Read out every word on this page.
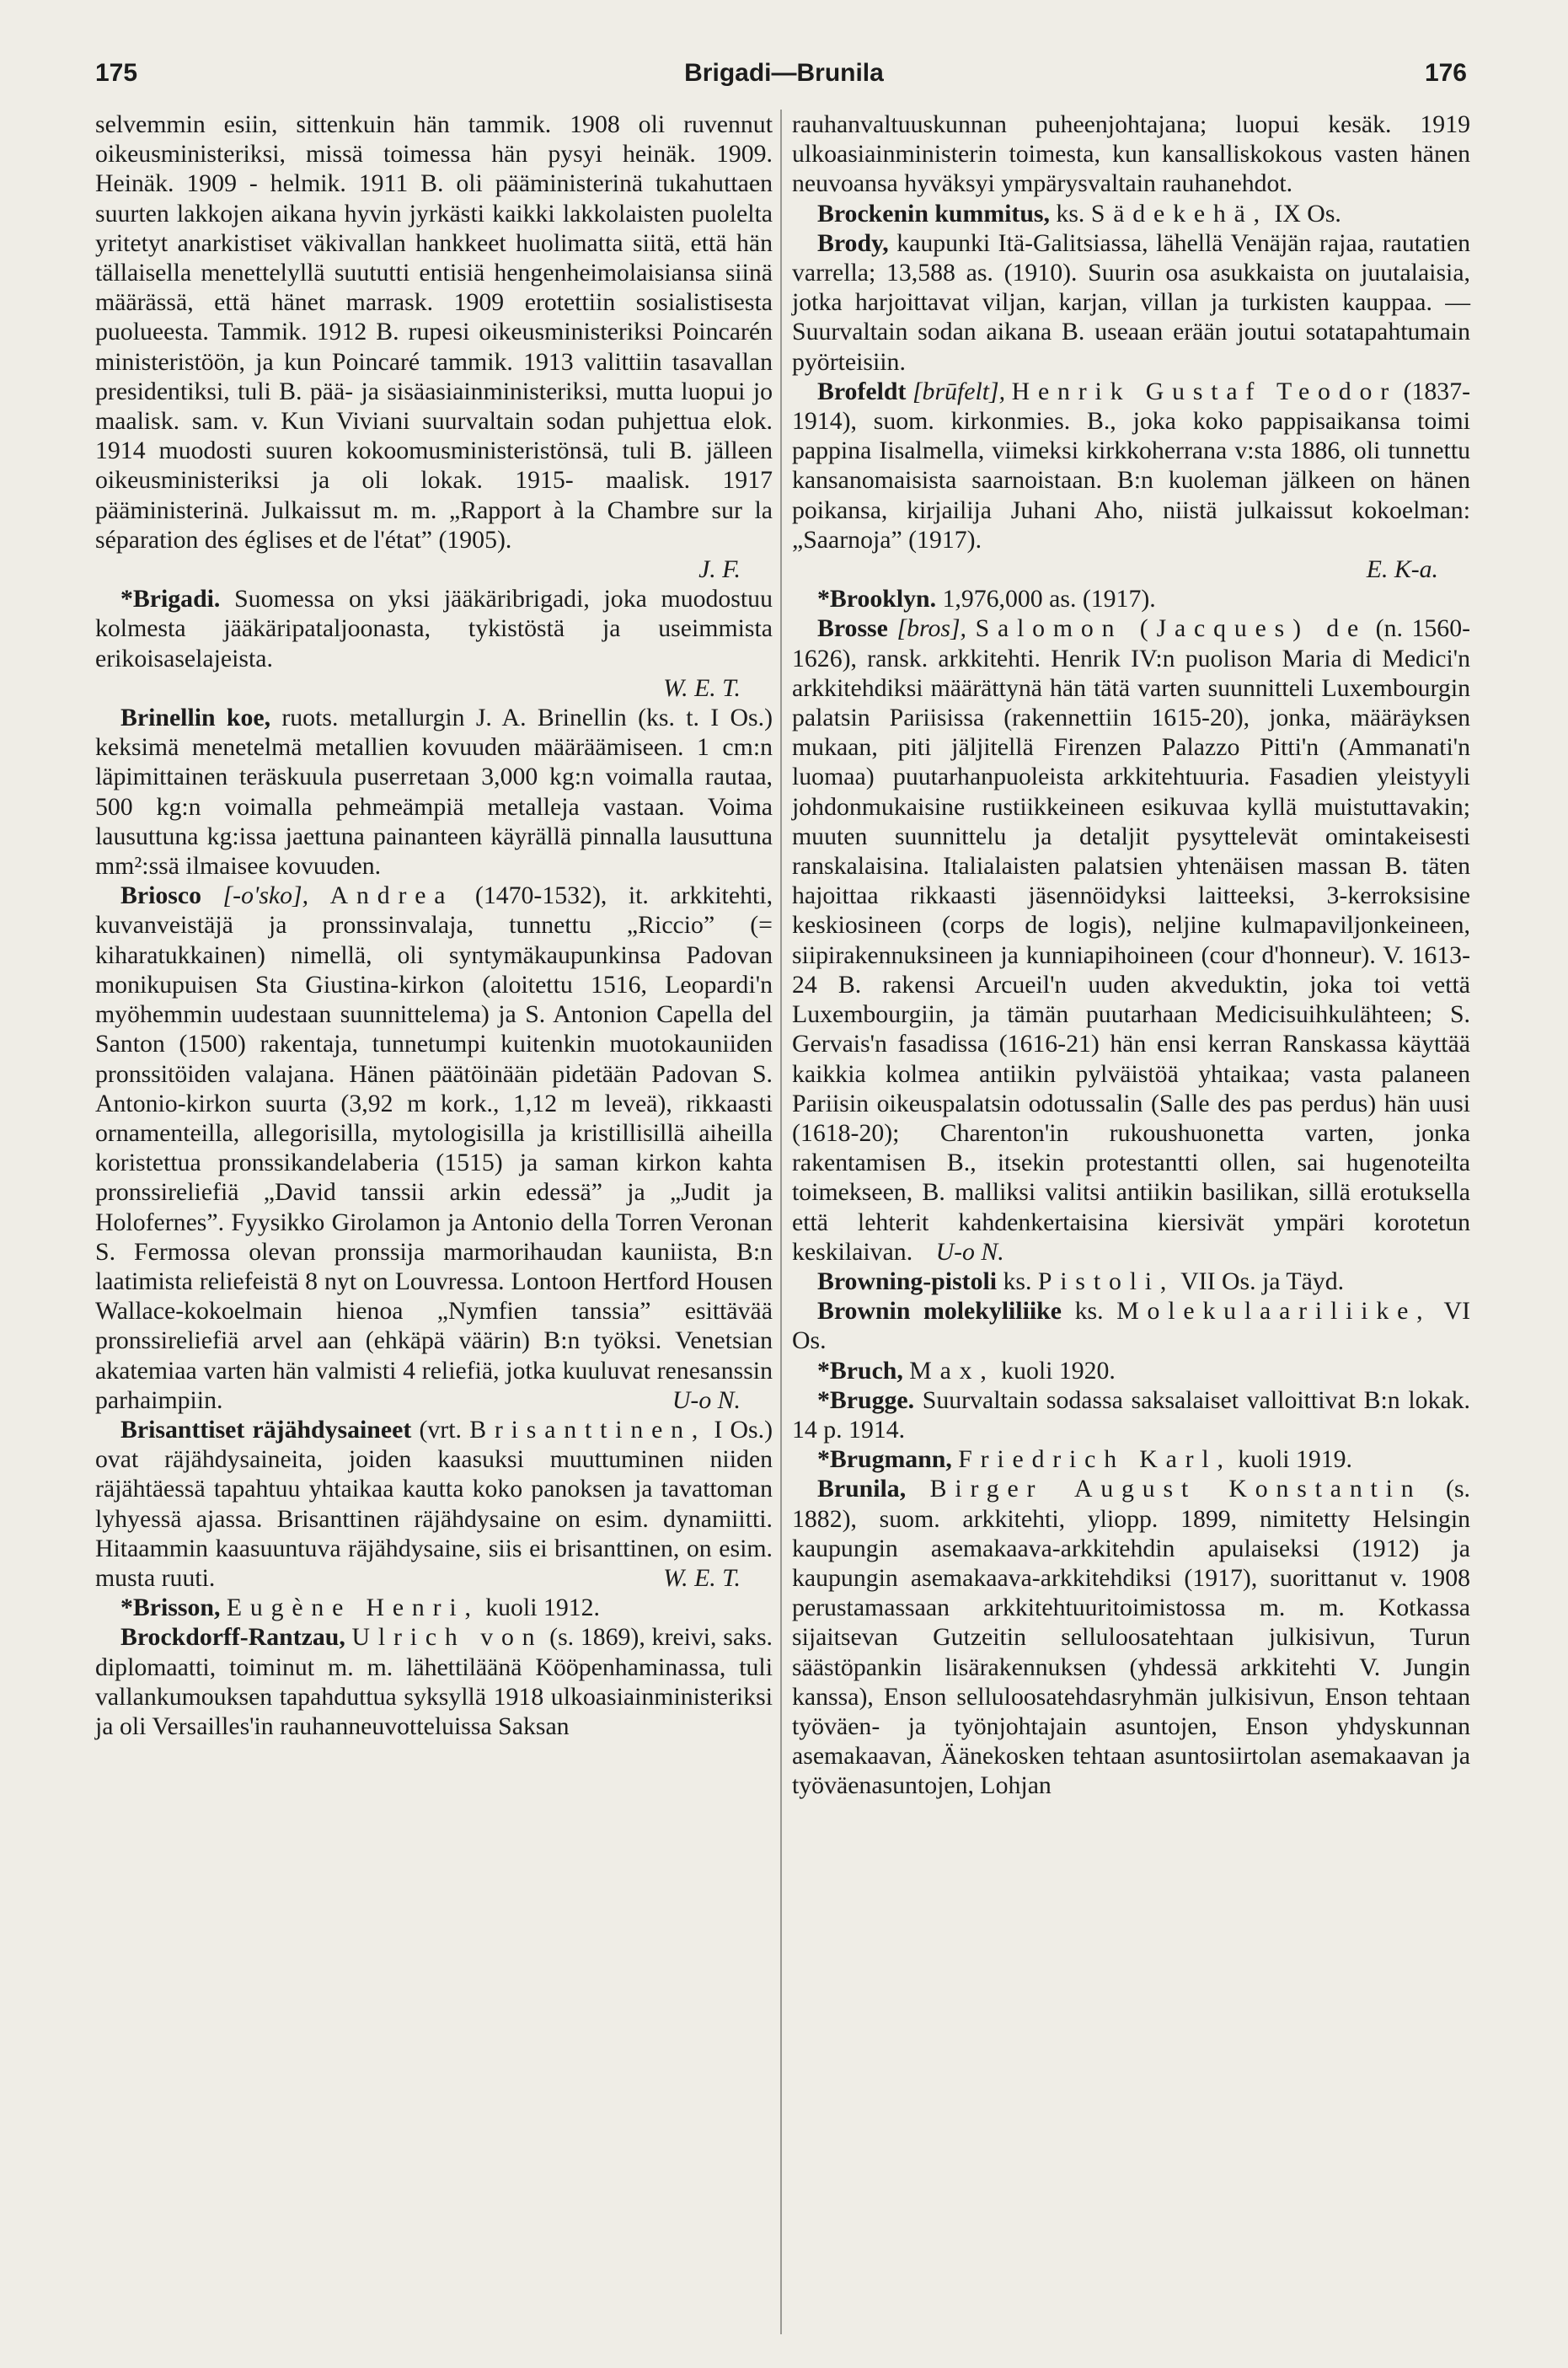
175	Brigadi—Brunila	176

selvemmin esiin, sittenkuin hän tammik. 1908 oli ruvennut oikeusministeriksi, missä toimessa hän pysyi heinäk. 1909. Heinäk. 1909 - helmik. 1911 B. oli pääministerinä tukahuttaen suurten lakkojen aikana hyvin jyrkästi kaikki lakkolaisten puolelta yritetyt anarkistiset väkivallan hankkeet huolimatta siitä, että hän tällaisella menettelyllä suututti entisiä hengenheimolaisiansa siinä määrässä, että hänet marrask. 1909 erotettiin sosialistisesta puolueesta. Tammik. 1912 B. rupesi oikeusministeriksi Poincarén ministeristöön, ja kun Poincaré tammik. 1913 valittiin tasavallan presidentiksi, tuli B. pää- ja sisäasiainministeriksi, mutta luopui jo maalisk. sam. v. Kun Viviani suurvaltain sodan puhjettua elok. 1914 muodosti suuren kokoomusministeristönsä, tuli B. jälleen oikeusministeriksi ja oli lokak. 1915- maalisk. 1917 pääministerinä. Julkaissut m. m. „Rapport à la Chambre sur la séparation des églises et de l'état” (1905).

J. F.

*Brigadi. Suomessa on yksi jääkäribrigadi, joka muodostuu kolmesta jääkäripataljoonasta, tykistöstä ja useimmista erikoisaselajeista.

W. E. T.

Brinellin koe, ruots. metallurgin J. A. Brinellin (ks. t. I Os.) keksimä menetelmä metallien kovuuden määräämiseen. 1 cm:n läpimittainen teräskuula puserretaan 3,000 kg:n voimalla rautaa, 500 kg:n voimalla pehmeämpiä metalleja vastaan. Voima lausuttuna kg:issa jaettuna painanteen käyrällä pinnalla lausuttuna mm²:ssä ilmaisee kovuuden.

Briosco [-o'sko], Andrea (1470-1532), it. arkkitehti, kuvanveistäjä ja pronssinvalaja, tunnettu „Riccio” (= kiharatukkainen) nimellä, oli syntymäkaupunkinsa Padovan monikupuisen Sta Giustina-kirkon (aloitettu 1516, Leopardi'n myöhemmin uudestaan suunnittelema) ja S. Antonion Capella del Santon (1500) rakentaja, tunnetumpi kuitenkin muotokauniiden pronssitöiden valajana. Hänen päätöinään pidetään Padovan S. Antonio-kirkon suurta (3,92 m kork., 1,12 m leveä), rikkaasti ornamenteilla, allegorisilla, mytologisilla ja kristillisillä aiheilla koristettua pronssikandelaberia (1515) ja saman kirkon kahta pronssireliefiä „David tanssii arkin edessä” ja „Judit ja Holofernes”. Fyysikko Girolamon ja Antonio della Torren Veronan S. Fermossa olevan pronssija marmorihaudan kauniista, B:n laatimista reliefeistä 8 nyt on Louvressa. Lontoon Hertford Housen Wallace-kokoelmain hienoa „Nymfien tanssia” esittävää pronssireliefiä arvel aan (ehkäpä väärin) B:n työksi. Venetsian akatemiaa varten hän valmisti 4 reliefiä, jotka kuuluvat renesanssin parhaimpiin.	U-o N.

Brisanttiset räjähdysaineet (vrt. Brisanttinen, I Os.) ovat räjähdysaineita, joiden kaasuksi muuttuminen niiden räjähtäessä tapahtuu yhtaikaa kautta koko panoksen ja tavattoman lyhyessä ajassa. Brisanttinen räjähdysaine on esim. dynamiitti. Hitaammin kaasuuntuva räjähdysaine, siis ei brisanttinen, on esim. musta ruuti.	W. E. T.

*Brisson, Eugène Henri, kuoli 1912.

Brockdorff-Rantzau, Ulrich von (s. 1869), kreivi, saks. diplomaatti, toiminut m. m. lähettiläänä Kööpenhaminassa, tuli vallankumouksen tapahduttua syksyllä 1918 ulkoasiainministeriksi ja oli Versailles'in rauhanneuvotteluissa Saksan

rauhanvaltuuskunnan puheenjohtajana; luopui kesäk. 1919 ulkoasiainministerin toimesta, kun kansalliskokous vasten hänen neuvoansa hyväksyi ympärysvaltain rauhanehdot.

Brockenin kummitus, ks. Sädekehä, IX Os.

Brody, kaupunki Itä-Galitsiassa, lähellä Venäjän rajaa, rautatien varrella; 13,588 as. (1910). Suurin osa asukkaista on juutalaisia, jotka harjoittavat viljan, karjan, villan ja turkisten kauppaa. — Suurvaltain sodan aikana B. useaan erään joutui sotatapahtumain pyörteisiin.

Brofeldt [brūfelt], Henrik Gustaf Teodor (1837-1914), suom. kirkonmies. B., joka koko pappisaikansa toimi pappina Iisalmella, viimeksi kirkkoherrana v:sta 1886, oli tunnettu kansanomaisista saarnoistaan. B:n kuoleman jälkeen on hänen poikansa, kirjailija Juhani Aho, niistä julkaissut kokoelman: „Saarnoja” (1917).

E. K-a.

*Brooklyn. 1,976,000 as. (1917).

Brosse [bros], Salomon (Jacques) de (n. 1560-1626), ransk. arkkitehti. Henrik IV:n puolison Maria di Medici'n arkkitehdiksi määrättynä hän tätä varten suunnitteli Luxembourgin palatsin Pariisissa (rakennettiin 1615-20), jonka, määräyksen mukaan, piti jäljitellä Firenzen Palazzo Pitti'n (Ammanati'n luomaa) puutarhanpuoleista arkkitehtuuria. Fasadien yleistyyli johdonmukaisine rustiikkeineen esikuvaa kyllä muistuttavakin; muuten suunnittelu ja detaljit pysyttelevät omintakeisesti ranskalaisina. Italialaisten palatsien yhtenäisen massan B. täten hajoittaa rikkaasti jäsennöidyksi laitteeksi, 3-kerroksisine keskiosineen (corps de logis), neljine kulmapaviljonkeineen, siipirakennuksineen ja kunniapihoineen (cour d'honneur). V. 1613-24 B. rakensi Arcueil'n uuden akveduktin, joka toi vettä Luxembourgiin, ja tämän puutarhaan Medicisuihkulähteen; S. Gervais'n fasadissa (1616-21) hän ensi kerran Ranskassa käyttää kaikkia kolmea antiikin pylväistöä yhtaikaa; vasta palaneen Pariisin oikeuspalatsin odotussalin (Salle des pas perdus) hän uusi (1618-20); Charenton'in rukoushuonetta varten, jonka rakentamisen B., itsekin protestantti ollen, sai hugenoteilta toimekseen, B. malliksi valitsi antiikin basilikan, sillä erotuksella että lehterit kahdenkertaisina kiersivät ympäri korotetun keskilaivan. U-o N.

Browning-pistoli ks. Pistoli, VII Os. ja Täyd.

Brownin molekyliliike ks. Molekulaariliike, VI Os.

*Bruch, Max, kuoli 1920.

*Brugge. Suurvaltain sodassa saksalaiset valloittivat B:n lokak. 14 p. 1914.

*Brugmann, Friedrich Karl, kuoli 1919.

Brunila, Birger August Konstantin (s. 1882), suom. arkkitehti, yliopp. 1899, nimitetty Helsingin kaupungin asemakaava-arkkitehdin apulaiseksi (1912) ja kaupungin asemakaava-arkkitehdiksi (1917), suorittanut v. 1908 perustamassaan arkkitehtuuritoimistossa m. m. Kotkassa sijaitsevan Gutzeitin selluloosatehtaan julkisivun, Turun säästöpankin lisärakennuksen (yhdessä arkkitehti V. Jungin kanssa), Enson selluloosatehdasryhmän julkisivun, Enson tehtaan työväen- ja työnjohtajain asuntojen, Enson yhdyskunnan asemakaavan, Äänekosken tehtaan asuntosiirtolan asemakaavan ja työväenasuntojen, Lohjan
